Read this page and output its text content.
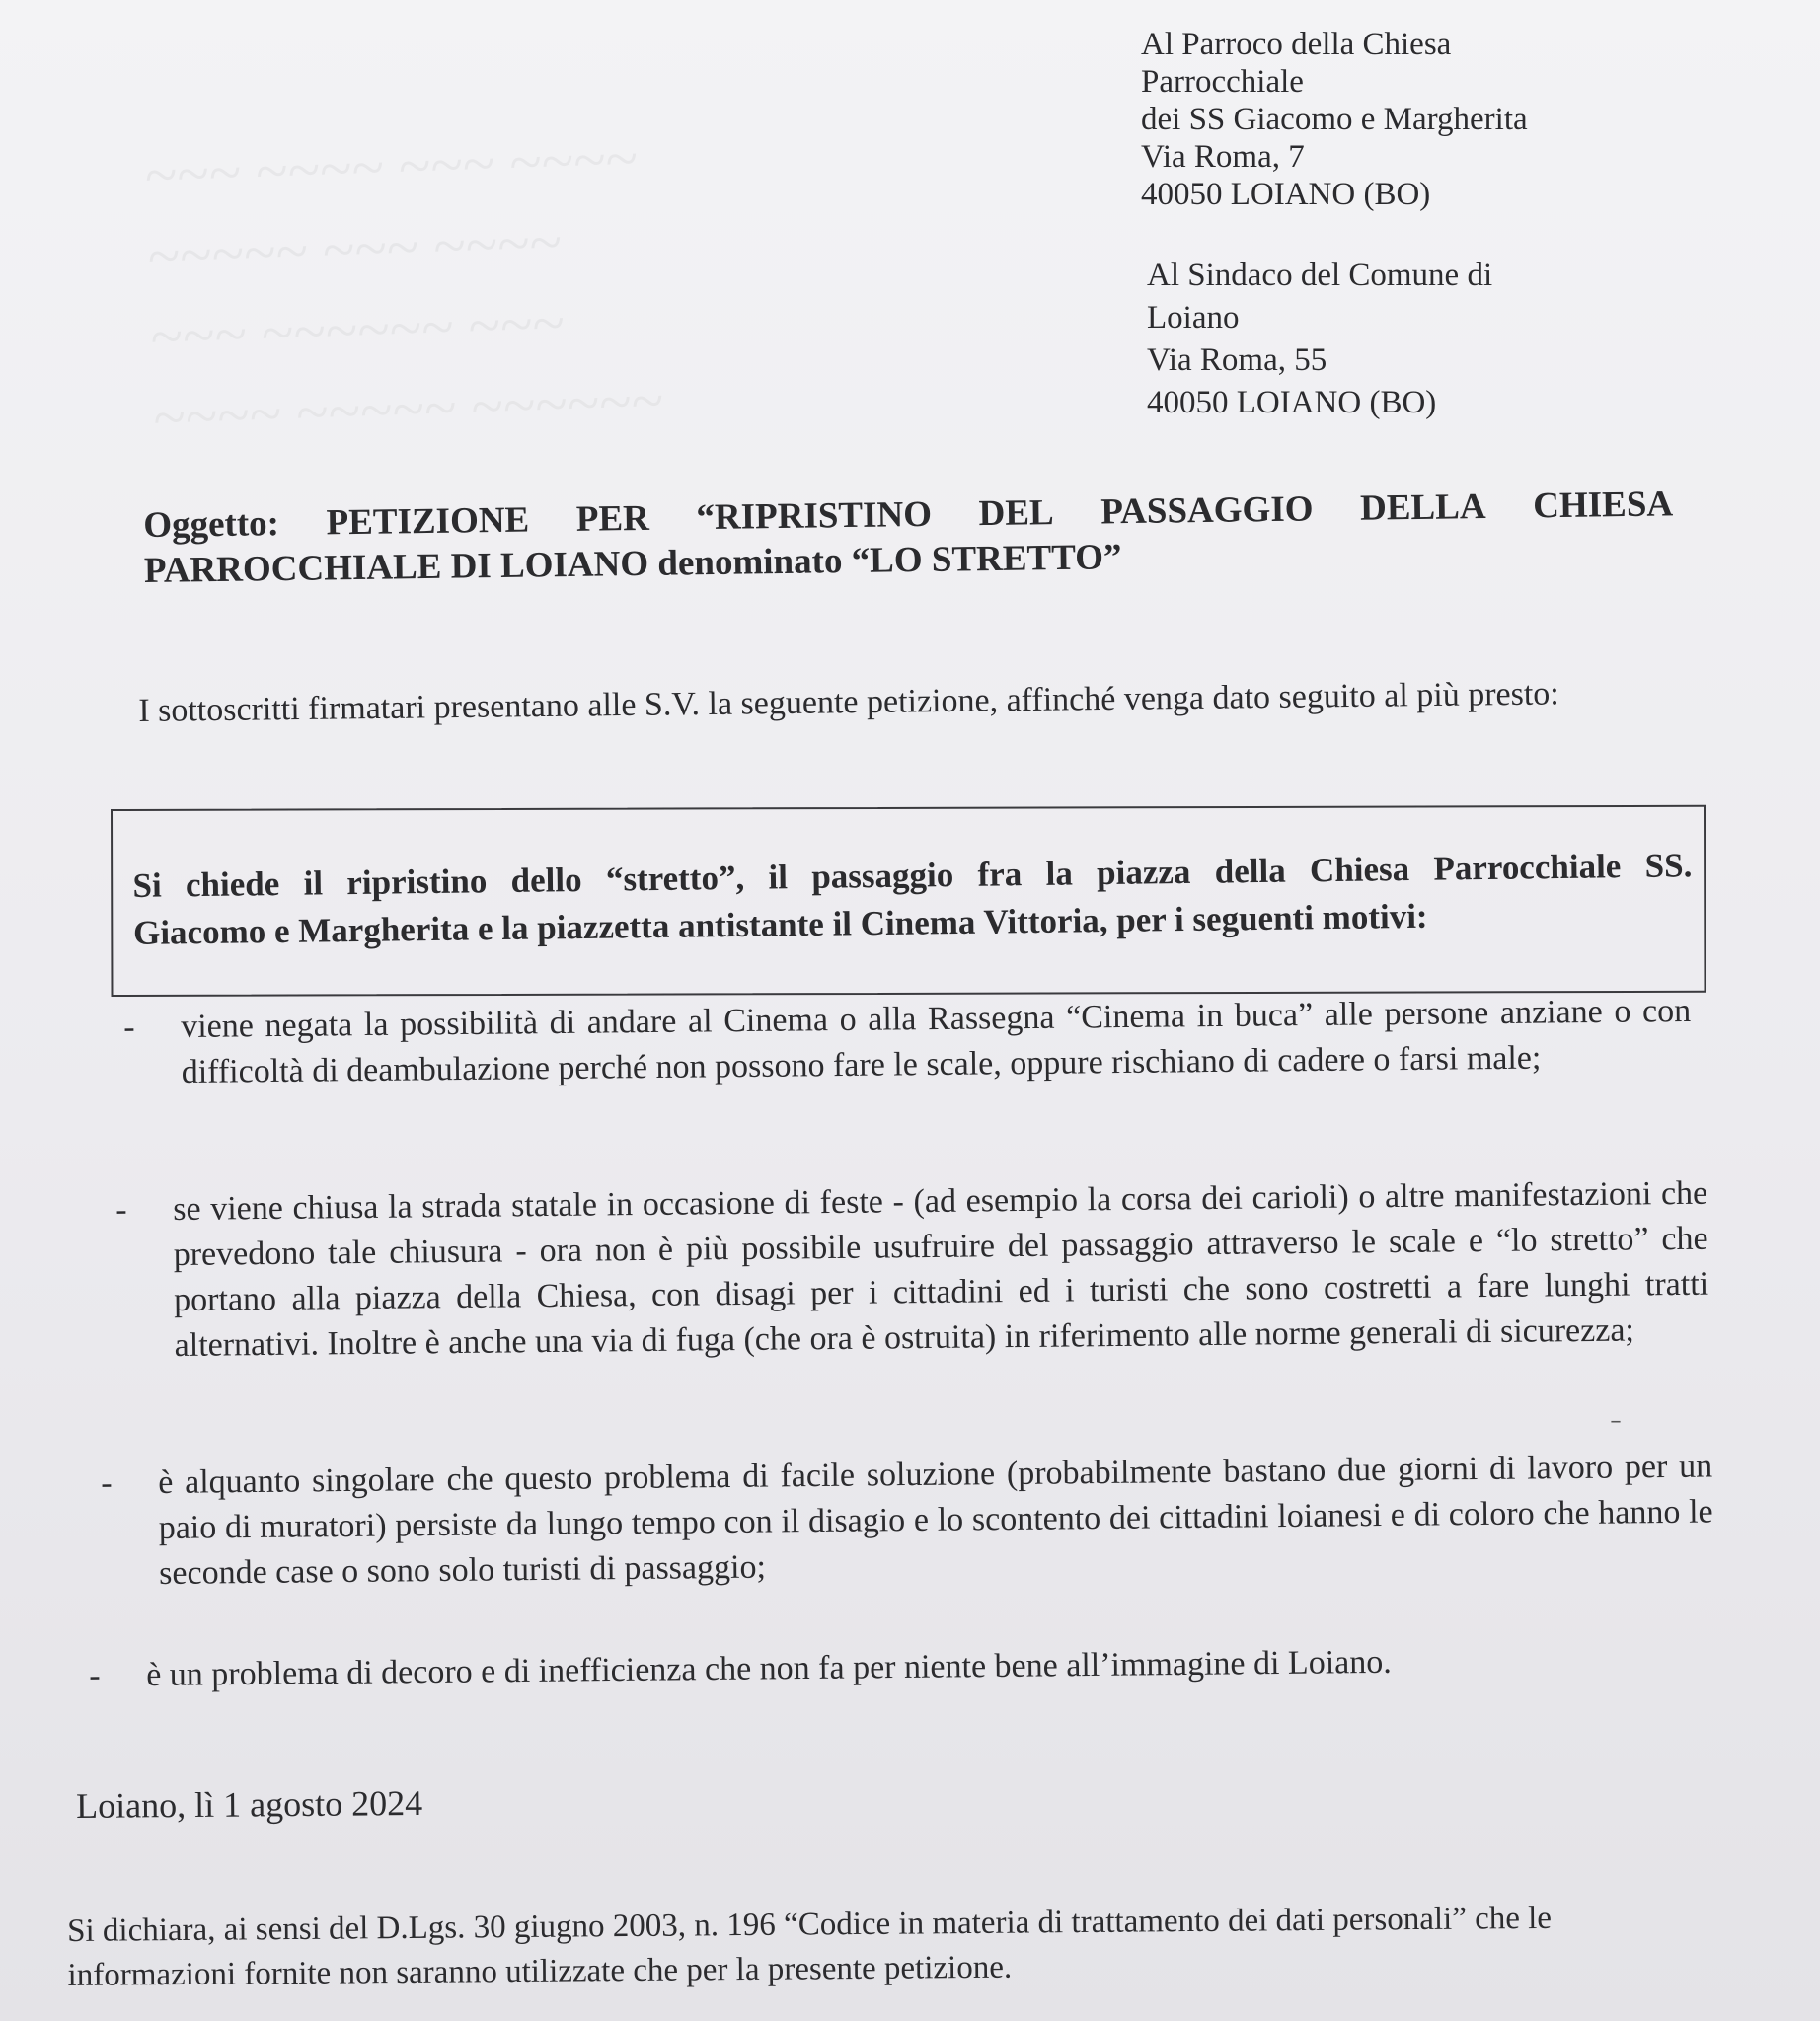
~~~ ~~~~ ~~~ ~~~~
~~~~~ ~~~ ~~~~
~~~ ~~~~~~ ~~~
~~~~ ~~~~~ ~~~~~~
Al Parroco della Chiesa
Parrocchiale
dei SS Giacomo e Margherita
Via Roma, 7
40050 LOIANO (BO)
Al Sindaco del Comune di
Loiano
Via Roma, 55
40050 LOIANO (BO)
Oggetto: PETIZIONE PER “RIPRISTINO DEL PASSAGGIO DELLA CHIESA
PARROCCHIALE DI LOIANO denominato “LO STRETTO”
I sottoscritti firmatari presentano alle S.V. la seguente petizione, affinché venga dato seguito al più presto:
Si chiede il ripristino dello “stretto”, il passaggio fra la piazza della Chiesa Parrocchiale SS.
Giacomo e Margherita e la piazzetta antistante il Cinema Vittoria, per i seguenti motivi:
- viene negata la possibilità di andare al Cinema o alla Rassegna “Cinema in buca” alle persone anziane o con difficoltà di deambulazione perché non possono fare le scale, oppure rischiano di cadere o farsi male;
- se viene chiusa la strada statale in occasione di feste - (ad esempio la corsa dei carioli) o altre manifestazioni che prevedono tale chiusura - ora non è più possibile usufruire del passaggio attraverso le scale e “lo stretto” che portano alla piazza della Chiesa, con disagi per i cittadini ed i turisti che sono costretti a fare lunghi tratti alternativi. Inoltre è anche una via di fuga (che ora è ostruita) in riferimento alle norme generali di sicurezza;
ˉ
- è alquanto singolare che questo problema di facile soluzione (probabilmente bastano due giorni di lavoro per un paio di muratori) persiste da lungo tempo con il disagio e lo scontento dei cittadini loianesi e di coloro che hanno le seconde case o sono solo turisti di passaggio;
- è un problema di decoro e di inefficienza che non fa per niente bene all’immagine di Loiano.
Loiano, lì 1 agosto 2024
Si dichiara, ai sensi del D.Lgs. 30 giugno 2003, n. 196 “Codice in materia di trattamento dei dati personali” che le informazioni fornite non saranno utilizzate che per la presente petizione.
